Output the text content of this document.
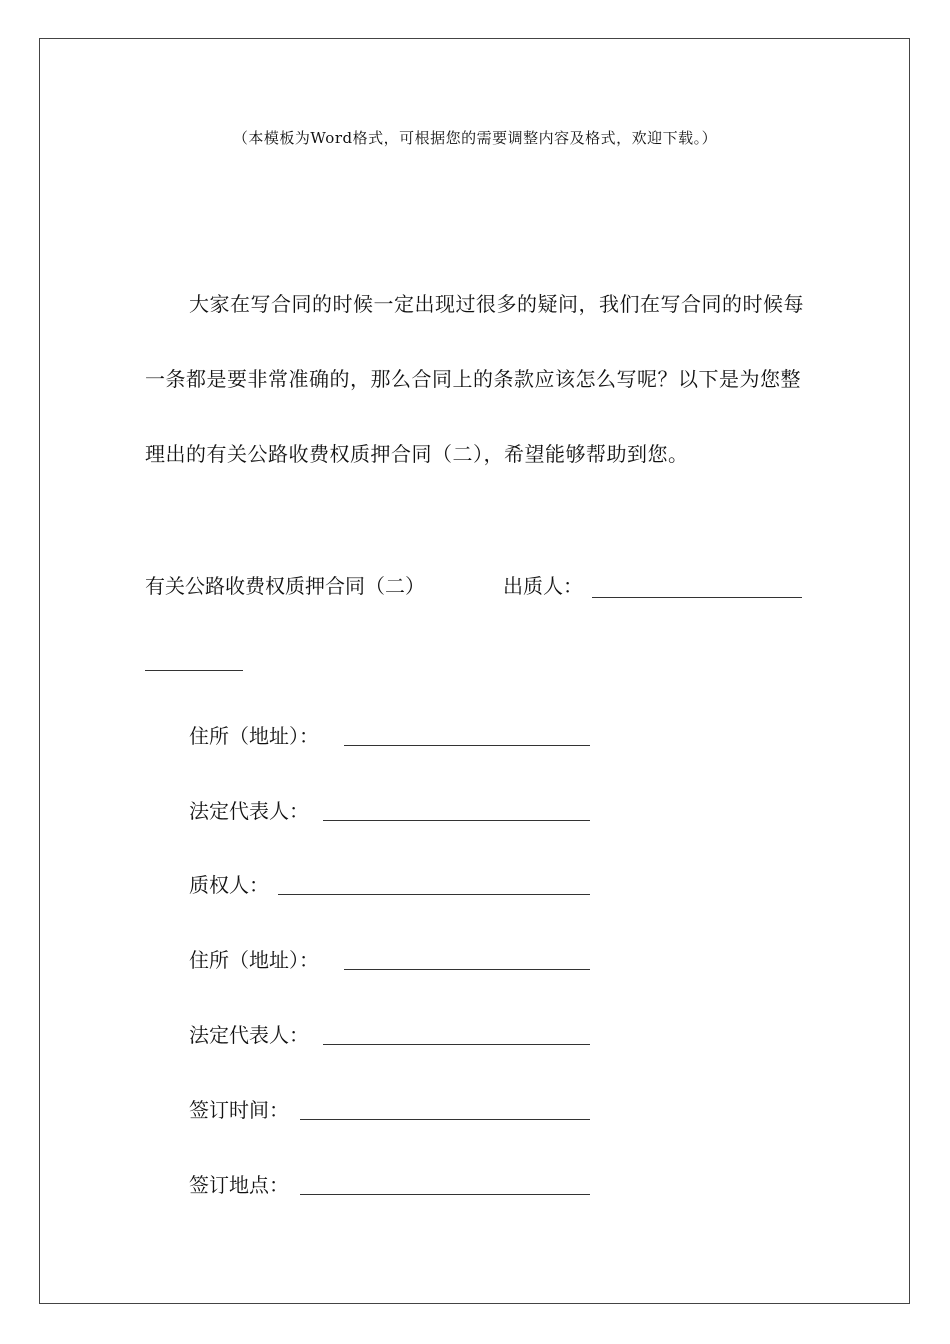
（本模板为Word格式，可根据您的需要调整内容及格式，欢迎下载。）

大家在写合同的时候一定出现过很多的疑问，我们在写合同的时候每一条都是要非常准确的，那么合同上的条款应该怎么写呢？以下是为您整理出的有关公路收费权质押合同（二），希望能够帮助到您。

有关公路收费权质押合同（二）	出质人：
住所（地址）：
法定代表人：
质权人：
住所（地址）：
法定代表人：
签订时间：
签订地点：
